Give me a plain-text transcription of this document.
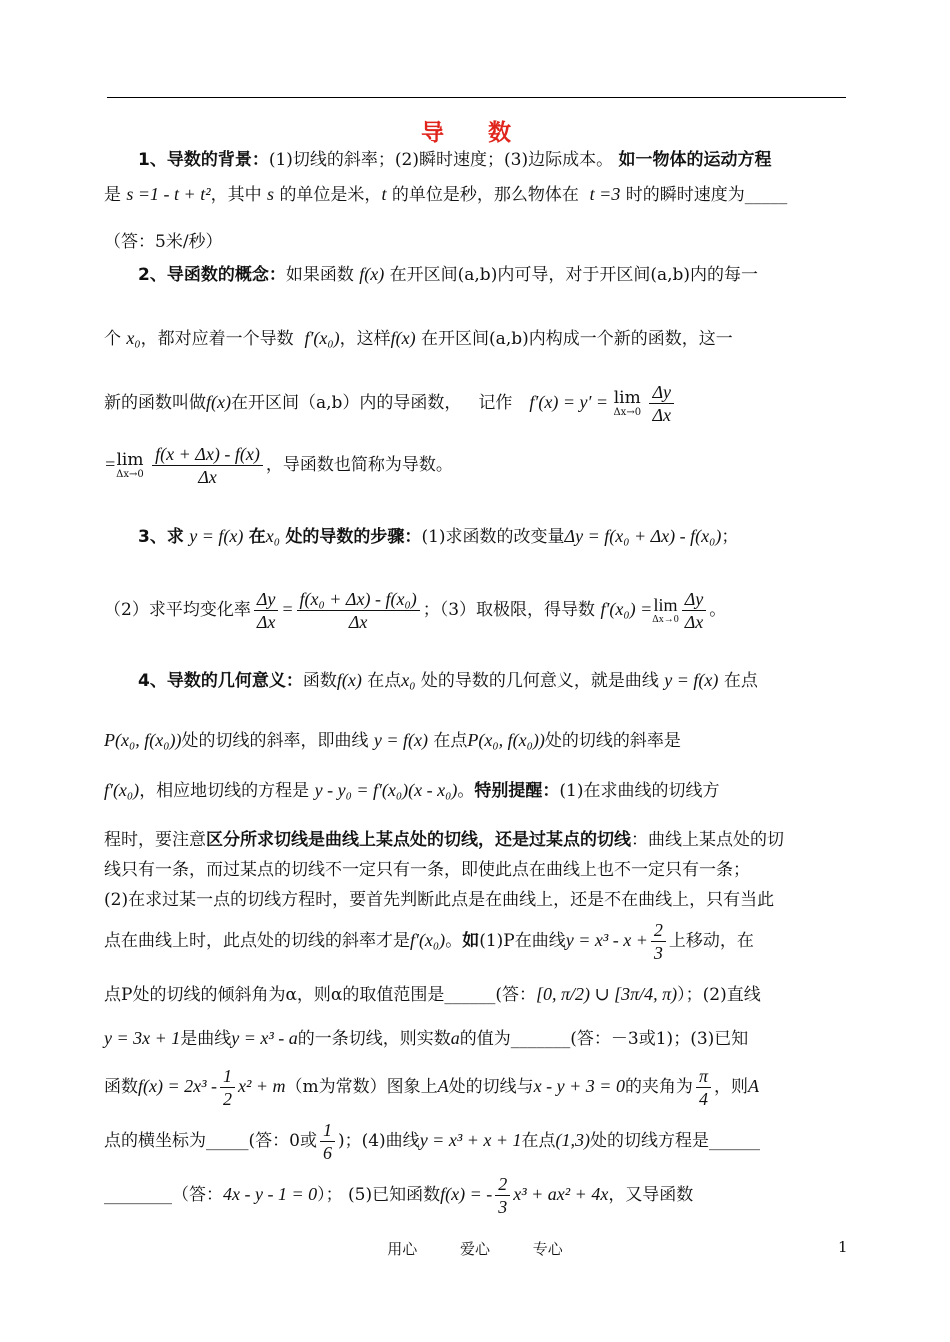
导 数
  1、导数的背景：(1)切线的斜率；(2)瞬时速度；(3)边际成本。 如一物体的运动方程
是 s =1 - t + t²，其中 s 的单位是米，t 的单位是秒，那么物体在 t =3 时的瞬时速度为_____
（答：5米/秒）
  2、导函数的概念：如果函数 f(x) 在开区间(a,b)内可导，对于开区间(a,b)内的每一
个 x₀，都对应着一个导数 f′(x₀)，这样f(x) 在开区间(a,b)内构成一个新的函数，这一
新的函数叫做f(x)在开区间（a,b）内的导函数，  记作  f′(x) = y′ = lim
Δx→0
$\frac{\Delta y}{\Delta x}$
= lim
Δx→0
$\frac{f(x + \Delta x) - f(x)}{\Delta x}$ ，导函数也简称为导数。
  3、求 y = f(x) 在x₀ 处的导数的步骤：(1)求函数的改变量Δy = f(x₀ + Δx) - f(x₀)；
（2）求平均变化率 $\frac{\Delta y}{\Delta x} = \frac{\text{f(x₀ + Δx) - f(x₀)}}{\Delta x}$ ；（3）取极限，得导数 f′(x₀) = lim
$\Delta x\to 0 \frac{\Delta y}{\Delta x}$ 。
  4、导数的几何意义：函数f(x) 在点x₀ 处的导数的几何意义，就是曲线 y = f(x) 在点
P(x₀, f(x₀))处的切线的斜率，即曲线 y = f(x) 在点P(x₀, f(x₀))处的切线的斜率是
f′(x₀)，相应地切线的方程是 y - y₀ = f′(x₀)(x - x₀)。特别提醒：(1)在求曲线的切线方
程时，要注意区分所求切线是曲线上某点处的切线，还是过某点的切线：曲线上某点处的切
线只有一条，而过某点的切线不一定只有一条，即使此点在曲线上也不一定只有一条；
(2)在求过某一点的切线方程时，要首先判断此点是在曲线上，还是不在曲线上，只有当此
点在曲线上时，此点处的切线的斜率才是f′(x₀)。如(1)P在曲线$y = x^3 - x + \frac{2}{3}$ 上移动，在
点P处的切线的倾斜角为α，则α的取值范围是______(答：[0, π/2) ∪ [3π/4, π)）；(2)直线
y = 3x + 1是曲线y = x³ - a的一条切线，则实数a的值为_______(答：－3或1)；(3)已知
函数$f(x) = 2x^3 - \frac{1}{2} x^2 + m(m$为常数）图象上A处的切线与x - y + 3 = 0的夹角为 $\frac{\pi}{4}$ ，则A
点的横坐标为_____(答：0或 $\frac{1}{6}$ )；(4)曲线y = x³ + x + 1在点(1,3)处的切线方程是______
________（答：4x - y - 1 = 0）； (5)已知函数f(x) = - $\frac{2}{3} x^3 + ax^2 + 4x$，又导函数
用心 爱心 专心	1
